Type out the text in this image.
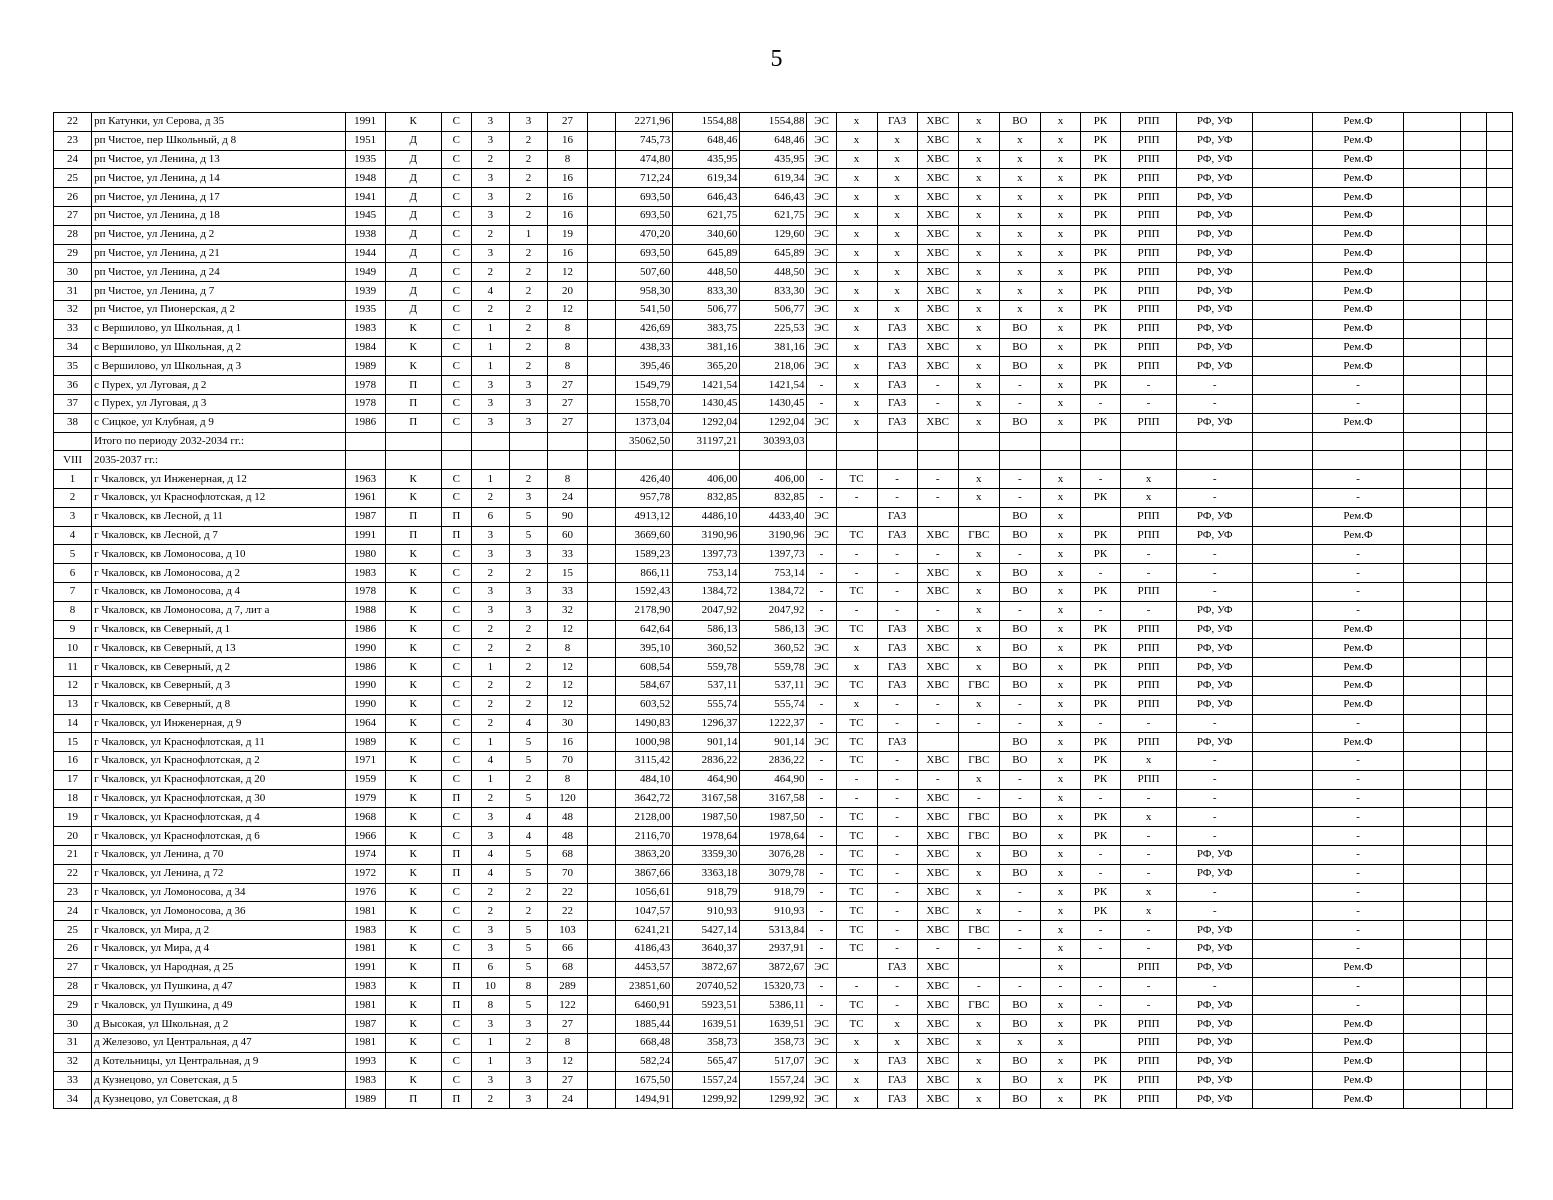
5
22	рп Катунки, ул Серова, д 35	1991	К	С	3	3	27		2271,96	1554,88	1554,88	ЭС	х	ГАЗ	ХВС	х	ВО	х	РК	РПП	РФ, УФ		Рем.Ф			
23	рп Чистое, пер Школьный, д 8	1951	Д	С	3	2	16		745,73	648,46	648,46	ЭС	х	х	ХВС	х	х	х	РК	РПП	РФ, УФ		Рем.Ф			
24	рп Чистое, ул Ленина, д 13	1935	Д	С	2	2	8		474,80	435,95	435,95	ЭС	х	х	ХВС	х	х	х	РК	РПП	РФ, УФ		Рем.Ф			
25	рп Чистое, ул Ленина, д 14	1948	Д	С	3	2	16		712,24	619,34	619,34	ЭС	х	х	ХВС	х	х	х	РК	РПП	РФ, УФ		Рем.Ф			
26	рп Чистое, ул Ленина, д 17	1941	Д	С	3	2	16		693,50	646,43	646,43	ЭС	х	х	ХВС	х	х	х	РК	РПП	РФ, УФ		Рем.Ф			
27	рп Чистое, ул Ленина, д 18	1945	Д	С	3	2	16		693,50	621,75	621,75	ЭС	х	х	ХВС	х	х	х	РК	РПП	РФ, УФ		Рем.Ф			
28	рп Чистое, ул Ленина, д 2	1938	Д	С	2	1	19		470,20	340,60	129,60	ЭС	х	х	ХВС	х	х	х	РК	РПП	РФ, УФ		Рем.Ф			
29	рп Чистое, ул Ленина, д 21	1944	Д	С	3	2	16		693,50	645,89	645,89	ЭС	х	х	ХВС	х	х	х	РК	РПП	РФ, УФ		Рем.Ф			
30	рп Чистое, ул Ленина, д 24	1949	Д	С	2	2	12		507,60	448,50	448,50	ЭС	х	х	ХВС	х	х	х	РК	РПП	РФ, УФ		Рем.Ф			
31	рп Чистое, ул Ленина, д 7	1939	Д	С	4	2	20		958,30	833,30	833,30	ЭС	х	х	ХВС	х	х	х	РК	РПП	РФ, УФ		Рем.Ф			
32	рп Чистое, ул Пионерская, д 2	1935	Д	С	2	2	12		541,50	506,77	506,77	ЭС	х	х	ХВС	х	х	х	РК	РПП	РФ, УФ		Рем.Ф			
33	с Вершилово, ул Школьная, д 1	1983	К	С	1	2	8		426,69	383,75	225,53	ЭС	х	ГАЗ	ХВС	х	ВО	х	РК	РПП	РФ, УФ		Рем.Ф			
34	с Вершилово, ул Школьная, д 2	1984	К	С	1	2	8		438,33	381,16	381,16	ЭС	х	ГАЗ	ХВС	х	ВО	х	РК	РПП	РФ, УФ		Рем.Ф			
35	с Вершилово, ул Школьная, д 3	1989	К	С	1	2	8		395,46	365,20	218,06	ЭС	х	ГАЗ	ХВС	х	ВО	х	РК	РПП	РФ, УФ		Рем.Ф			
36	с Пурех, ул Луговая, д 2	1978	П	С	3	3	27		1549,79	1421,54	1421,54	-	х	ГАЗ	-	х	-	х	РК	-	-		-			
37	с Пурех, ул Луговая, д 3	1978	П	С	3	3	27		1558,70	1430,45	1430,45	-	х	ГАЗ	-	х	-	х	-	-	-		-			
38	с Сицкое, ул Клубная, д 9	1986	П	С	3	3	27		1373,04	1292,04	1292,04	ЭС	х	ГАЗ	ХВС	х	ВО	х	РК	РПП	РФ, УФ		Рем.Ф			
	Итого по периоду 2032-2034 гг.:								35062,50	31197,21	30393,03															
VIII	2035-2037 гг.:																									
1	г Чкаловск, ул Инженерная, д 12	1963	К	С	1	2	8		426,40	406,00	406,00	-	ТС	-	-	х	-	х	-	х	-		-			
2	г Чкаловск, ул Краснофлотская, д 12	1961	К	С	2	3	24		957,78	832,85	832,85	-	-	-	-	х	-	х	РК	х	-		-			
3	г Чкаловск, кв Лесной, д 11	1987	П	П	6	5	90		4913,12	4486,10	4433,40	ЭС		ГАЗ			ВО	х		РПП	РФ, УФ		Рем.Ф			
4	г Чкаловск, кв Лесной, д 7	1991	П	П	3	5	60		3669,60	3190,96	3190,96	ЭС	ТС	ГАЗ	ХВС	ГВС	ВО	х	РК	РПП	РФ, УФ		Рем.Ф			
5	г Чкаловск, кв Ломоносова, д 10	1980	К	С	3	3	33		1589,23	1397,73	1397,73	-	-	-	-	х	-	х	РК	-	-		-			
6	г Чкаловск, кв Ломоносова, д 2	1983	К	С	2	2	15		866,11	753,14	753,14	-	-	-	ХВС	х	ВО	х	-	-	-		-			
7	г Чкаловск, кв Ломоносова, д 4	1978	К	С	3	3	33		1592,43	1384,72	1384,72	-	ТС	-	ХВС	х	ВО	х	РК	РПП	-		-			
8	г Чкаловск, кв Ломоносова, д 7, лит а	1988	К	С	3	3	32		2178,90	2047,92	2047,92	-	-	-	-	х	-	х	-	-	РФ, УФ		-			
9	г Чкаловск, кв Северный, д 1	1986	К	С	2	2	12		642,64	586,13	586,13	ЭС	ТС	ГАЗ	ХВС	х	ВО	х	РК	РПП	РФ, УФ		Рем.Ф			
10	г Чкаловск, кв Северный, д 13	1990	К	С	2	2	8		395,10	360,52	360,52	ЭС	х	ГАЗ	ХВС	х	ВО	х	РК	РПП	РФ, УФ		Рем.Ф			
11	г Чкаловск, кв Северный, д 2	1986	К	С	1	2	12		608,54	559,78	559,78	ЭС	х	ГАЗ	ХВС	х	ВО	х	РК	РПП	РФ, УФ		Рем.Ф			
12	г Чкаловск, кв Северный, д 3	1990	К	С	2	2	12		584,67	537,11	537,11	ЭС	ТС	ГАЗ	ХВС	ГВС	ВО	х	РК	РПП	РФ, УФ		Рем.Ф			
13	г Чкаловск, кв Северный, д 8	1990	К	С	2	2	12		603,52	555,74	555,74	-	х	-	-	х	-	х	РК	РПП	РФ, УФ		Рем.Ф			
14	г Чкаловск, ул Инженерная, д 9	1964	К	С	2	4	30		1490,83	1296,37	1222,37	-	ТС	-	-	-	-	х	-	-	-		-			
15	г Чкаловск, ул Краснофлотская, д 11	1989	К	С	1	5	16		1000,98	901,14	901,14	ЭС	ТС	ГАЗ			ВО	х	РК	РПП	РФ, УФ		Рем.Ф			
16	г Чкаловск, ул Краснофлотская, д 2	1971	К	С	4	5	70		3115,42	2836,22	2836,22	-	ТС	-	ХВС	ГВС	ВО	х	РК	х	-		-			
17	г Чкаловск, ул Краснофлотская, д 20	1959	К	С	1	2	8		484,10	464,90	464,90	-	-	-	-	х	-	х	РК	РПП	-		-			
18	г Чкаловск, ул Краснофлотская, д 30	1979	К	П	2	5	120		3642,72	3167,58	3167,58	-	-	-	ХВС	-	-	х	-	-	-		-			
19	г Чкаловск, ул Краснофлотская, д 4	1968	К	С	3	4	48		2128,00	1987,50	1987,50	-	ТС	-	ХВС	ГВС	ВО	х	РК	х	-		-			
20	г Чкаловск, ул Краснофлотская, д 6	1966	К	С	3	4	48		2116,70	1978,64	1978,64	-	ТС	-	ХВС	ГВС	ВО	х	РК	-	-		-			
21	г Чкаловск, ул Ленина, д 70	1974	К	П	4	5	68		3863,20	3359,30	3076,28	-	ТС	-	ХВС	х	ВО	х	-	-	РФ, УФ		-			
22	г Чкаловск, ул Ленина, д 72	1972	К	П	4	5	70		3867,66	3363,18	3079,78	-	ТС	-	ХВС	х	ВО	х	-	-	РФ, УФ		-			
23	г Чкаловск, ул Ломоносова, д 34	1976	К	С	2	2	22		1056,61	918,79	918,79	-	ТС	-	ХВС	х	-	х	РК	х	-		-			
24	г Чкаловск, ул Ломоносова, д 36	1981	К	С	2	2	22		1047,57	910,93	910,93	-	ТС	-	ХВС	х	-	х	РК	х	-		-			
25	г Чкаловск, ул Мира, д 2	1983	К	С	3	5	103		6241,21	5427,14	5313,84	-	ТС	-	ХВС	ГВС	-	х	-	-	РФ, УФ		-			
26	г Чкаловск, ул Мира, д 4	1981	К	С	3	5	66		4186,43	3640,37	2937,91	-	ТС	-	-	-	-	х	-	-	РФ, УФ		-			
27	г Чкаловск, ул Народная, д 25	1991	К	П	6	5	68		4453,57	3872,67	3872,67	ЭС		ГАЗ	ХВС			х		РПП	РФ, УФ		Рем.Ф			
28	г Чкаловск, ул Пушкина, д 47	1983	К	П	10	8	289		23851,60	20740,52	15320,73	-	-	-	ХВС	-	-	-	-	-	-		-			
29	г Чкаловск, ул Пушкина, д 49	1981	К	П	8	5	122		6460,91	5923,51	5386,11	-	ТС	-	ХВС	ГВС	ВО	х	-	-	РФ, УФ		-			
30	д Высокая, ул Школьная, д 2	1987	К	С	3	3	27		1885,44	1639,51	1639,51	ЭС	ТС	х	ХВС	х	ВО	х	РК	РПП	РФ, УФ		Рем.Ф			
31	д Железово, ул Центральная, д 47	1981	К	С	1	2	8		668,48	358,73	358,73	ЭС	х	х	ХВС	х	х	х		РПП	РФ, УФ		Рем.Ф			
32	д Котельницы, ул Центральная, д 9	1993	К	С	1	3	12		582,24	565,47	517,07	ЭС	х	ГАЗ	ХВС	х	ВО	х	РК	РПП	РФ, УФ		Рем.Ф			
33	д Кузнецово, ул Советская, д 5	1983	К	С	3	3	27		1675,50	1557,24	1557,24	ЭС	х	ГАЗ	ХВС	х	ВО	х	РК	РПП	РФ, УФ		Рем.Ф			
34	д Кузнецово, ул Советская, д 8	1989	П	П	2	3	24		1494,91	1299,92	1299,92	ЭС	х	ГАЗ	ХВС	х	ВО	х	РК	РПП	РФ, УФ		Рем.Ф			
